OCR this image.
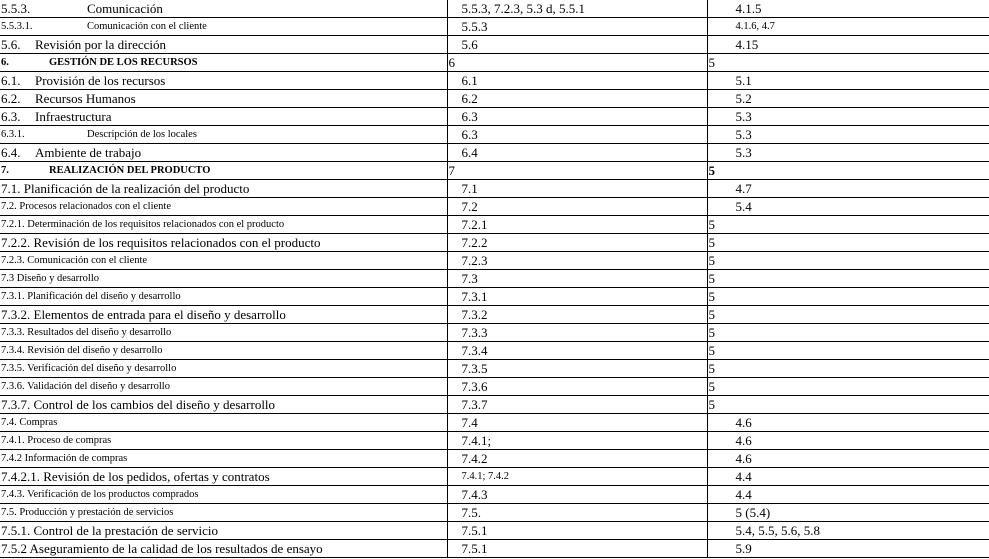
5.5.3. Comunicación	5.5.3, 7.2.3, 5.3 d, 5.5.1	4.1.5
5.5.3.1. Comunicación con el cliente	5.5.3	4.1.6, 4.7
5.6. Revisión por la dirección	5.6	4.15
6. GESTIÓN DE LOS RECURSOS	6	5
6.1. Provisión de los recursos	6.1	5.1
6.2. Recursos Humanos	6.2	5.2
6.3. Infraestructura	6.3	5.3
6.3.1. Descripción de los locales	6.3	5.3
6.4. Ambiente de trabajo	6.4	5.3
7. REALIZACIÓN DEL PRODUCTO	7	5
7.1. Planificación de la realización del producto	7.1	4.7
7.2. Procesos relacionados con el cliente	7.2	5.4
7.2.1. Determinación de los requisitos relacionados con el producto	7.2.1	5
7.2.2. Revisión de los requisitos relacionados con el producto	7.2.2	5
7.2.3. Comunicación con el cliente	7.2.3	5
7.3 Diseño y desarrollo	7.3	5
7.3.1. Planificación del diseño y desarrollo	7.3.1	5
7.3.2. Elementos de entrada para el diseño y desarrollo	7.3.2	5
7.3.3. Resultados del diseño y desarrollo	7.3.3	5
7.3.4. Revisión del diseño y desarrollo	7.3.4	5
7.3.5. Verificación del diseño y desarrollo	7.3.5	5
7.3.6. Validación del diseño y desarrollo	7.3.6	5
7.3.7. Control de los cambios del diseño y desarrollo	7.3.7	5
7.4. Compras	7.4	4.6
7.4.1. Proceso de compras	7.4.1;	4.6
7.4.2 Información de compras	7.4.2	4.6
7.4.2.1. Revisión de los pedidos, ofertas y contratos	7.4.1; 7.4.2	4.4
7.4.3. Verificación de los productos comprados	7.4.3	4.4
7.5. Producción y prestación de servicios	7.5.	5 (5.4)
7.5.1. Control de la prestación de servicio	7.5.1	5.4, 5.5, 5.6, 5.8
7.5.2 Aseguramiento de la calidad de los resultados de ensayo	7.5.1	5.9
